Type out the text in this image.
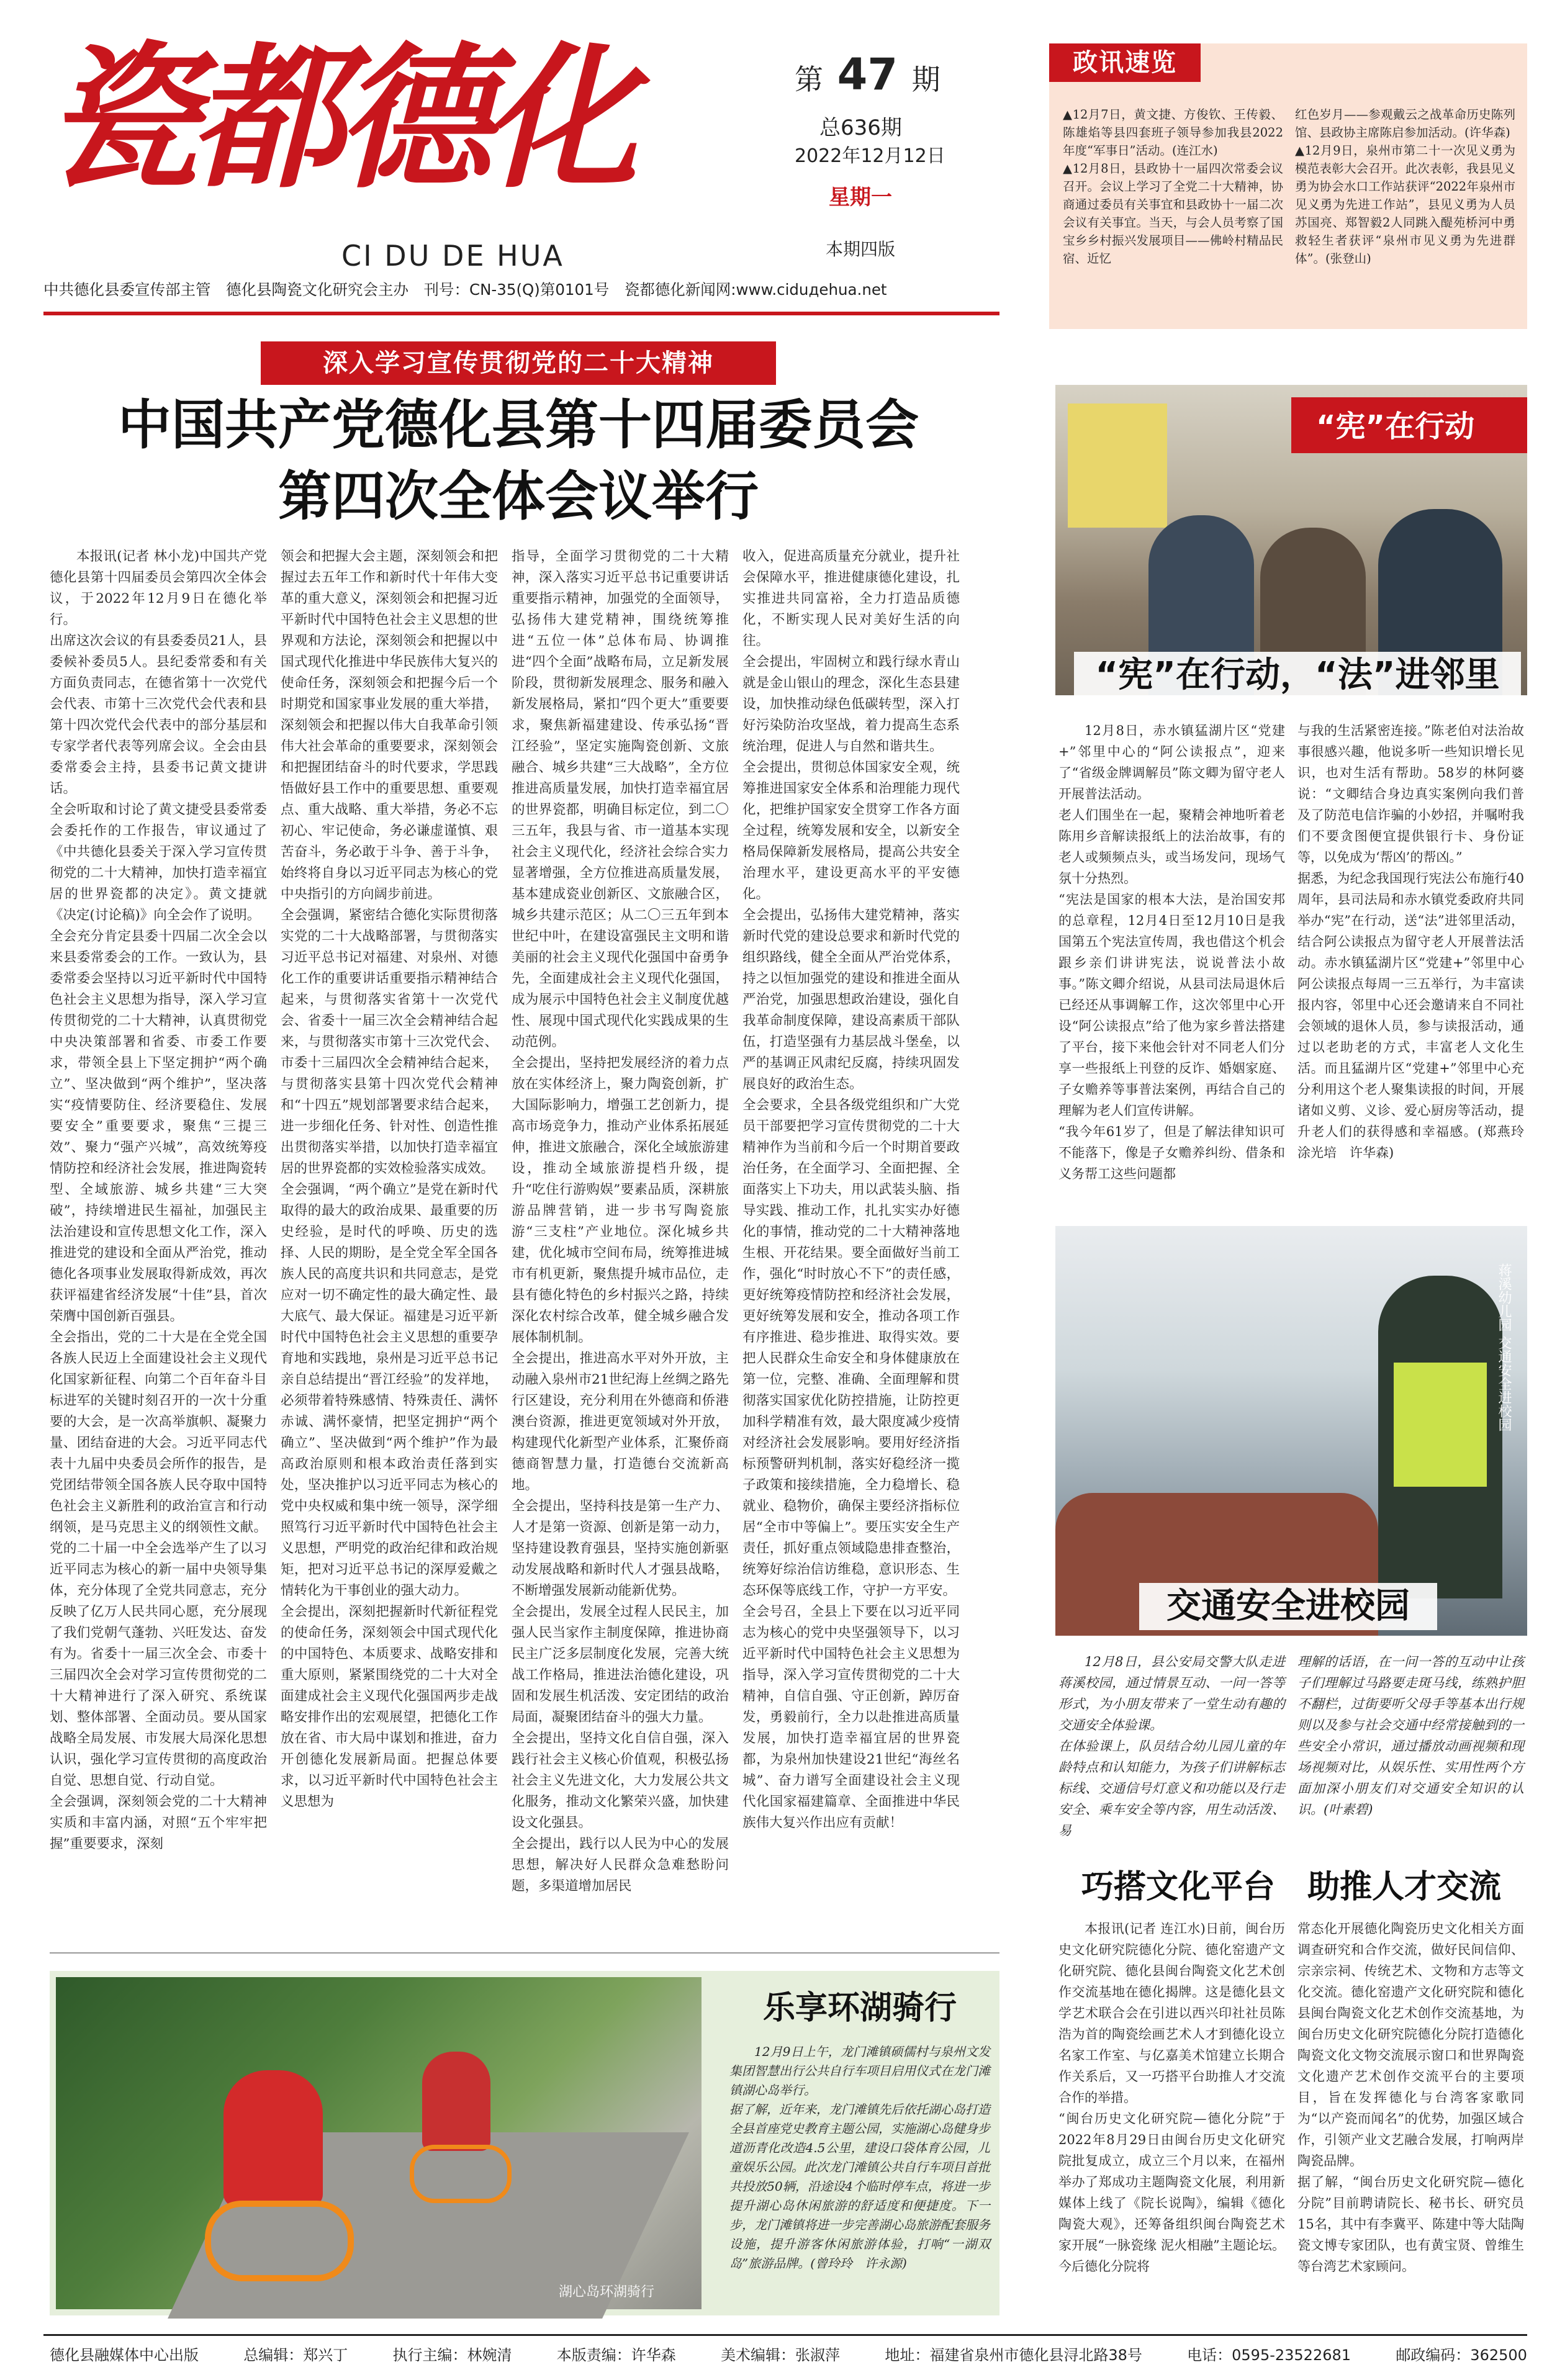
瓷都德化
CI DU DE HUA
第 47 期
总636期
2022年12月12日
星期一
本期四版
中共德化县委宣传部主管　德化县陶瓷文化研究会主办　刊号：CN-35(Q)第0101号　瓷都德化新闻网:www.ciduдehua.net
政讯速览
▲12月7日，黄文捷、方俊钦、王传毅、陈雄焰等县四套班子领导参加我县2022年度“军事日”活动。(连江水)
▲12月8日，县政协十一届四次常委会议召开。会议上学习了全党二十大精神，协商通过委员有关事宜和县政协十一届二次会议有关事宜。当天，与会人员考察了国宝乡乡村振兴发展项目——佛岭村精品民宿、近忆
红色岁月——参观戴云之战革命历史陈列馆、县政协主席陈启参加活动。(许华森)
▲12月9日，泉州市第二十一次见义勇为模范表彰大会召开。此次表彰，我县见义勇为协会水口工作站获评“2022年泉州市见义勇为先进工作站”，县见义勇为人员苏国亮、郑智毅2人同跳入醍苑桥河中勇救轻生者获评“泉州市见义勇为先进群体”。(张登山)
深入学习宣传贯彻党的二十大精神
中国共产党德化县第十四届委员会
第四次全体会议举行

本报讯(记者 林小龙)中国共产党德化县第十四届委员会第四次全体会议，于2022年12月9日在德化举行。
出席这次会议的有县委委员21人，县委候补委员5人。县纪委常委和有关方面负责同志，在德省第十一次党代会代表、市第十三次党代会代表和县第十四次党代会代表中的部分基层和专家学者代表等列席会议。全会由县委常委会主持，县委书记黄文捷讲话。
全会听取和讨论了黄文捷受县委常委会委托作的工作报告，审议通过了《中共德化县委关于深入学习宣传贯彻党的二十大精神，加快打造幸福宜居的世界瓷都的决定》。黄文捷就《决定(讨论稿)》向全会作了说明。
全会充分肯定县委十四届二次全会以来县委常委会的工作。一致认为，县委常委会坚持以习近平新时代中国特色社会主义思想为指导，深入学习宣传贯彻党的二十大精神，认真贯彻党中央决策部署和省委、市委工作要求，带领全县上下坚定拥护“两个确立”、坚决做到“两个维护”，坚决落实“疫情要防住、经济要稳住、发展要安全”重要要求，聚焦“三提三效”、聚力“强产兴城”，高效统筹疫情防控和经济社会发展，推进陶瓷转型、全域旅游、城乡共建“三大突破”，持续增进民生福祉，加强民主法治建设和宣传思想文化工作，深入推进党的建设和全面从严治党，推动德化各项事业发展取得新成效，再次获评福建省经济发展“十佳”县，首次荣膺中国创新百强县。
全会指出，党的二十大是在全党全国各族人民迈上全面建设社会主义现代化国家新征程、向第二个百年奋斗目标进军的关键时刻召开的一次十分重要的大会，是一次高举旗帜、凝聚力量、团结奋进的大会。习近平同志代表十九届中央委员会所作的报告，是党团结带领全国各族人民夺取中国特色社会主义新胜利的政治宣言和行动纲领，是马克思主义的纲领性文献。党的二十届一中全会选举产生了以习近平同志为核心的新一届中央领导集体，充分体现了全党共同意志，充分反映了亿万人民共同心愿，充分展现了我们党朝气蓬勃、兴旺发达、奋发有为。省委十一届三次全会、市委十三届四次全会对学习宣传贯彻党的二十大精神进行了深入研究、系统谋划、整体部署、全面动员。要从国家战略全局发展、市发展大局深化思想认识，强化学习宣传贯彻的高度政治自觉、思想自觉、行动自觉。
全会强调，深刻领会党的二十大精神实质和丰富内涵，对照“五个牢牢把握”重要要求，深刻

领会和把握大会主题，深刻领会和把握过去五年工作和新时代十年伟大变革的重大意义，深刻领会和把握习近平新时代中国特色社会主义思想的世界观和方法论，深刻领会和把握以中国式现代化推进中华民族伟大复兴的使命任务，深刻领会和把握今后一个时期党和国家事业发展的重大举措，深刻领会和把握以伟大自我革命引领伟大社会革命的重要要求，深刻领会和把握团结奋斗的时代要求，学思践悟做好县工作中的重要思想、重要观点、重大战略、重大举措，务必不忘初心、牢记使命，务必谦虚谨慎、艰苦奋斗，务必敢于斗争、善于斗争，始终将自身以习近平同志为核心的党中央指引的方向阔步前进。
全会强调，紧密结合德化实际贯彻落实党的二十大战略部署，与贯彻落实习近平总书记对福建、对泉州、对德化工作的重要讲话重要指示精神结合起来，与贯彻落实省第十一次党代会、省委十一届三次全会精神结合起来，与贯彻落实市第十三次党代会、市委十三届四次全会精神结合起来，与贯彻落实县第十四次党代会精神和“十四五”规划部署要求结合起来，进一步细化任务、针对性、创造性推出贯彻落实举措，以加快打造幸福宜居的世界瓷都的实效检验落实成效。
全会强调，“两个确立”是党在新时代取得的最大的政治成果、最重要的历史经验，是时代的呼唤、历史的选择、人民的期盼，是全党全军全国各族人民的高度共识和共同意志，是党应对一切不确定性的最大确定性、最大底气、最大保证。福建是习近平新时代中国特色社会主义思想的重要孕育地和实践地，泉州是习近平总书记亲自总结提出“晋江经验”的发祥地，必须带着特殊感情、特殊责任、满怀赤诚、满怀豪情，把坚定拥护“两个确立”、坚决做到“两个维护”作为最高政治原则和根本政治责任落到实处，坚决推护以习近平同志为核心的党中央权威和集中统一领导，深学细照笃行习近平新时代中国特色社会主义思想，严明党的政治纪律和政治规矩，把对习近平总书记的深厚爱戴之情转化为干事创业的强大动力。
全会提出，深刻把握新时代新征程党的使命任务，深刻领会中国式现代化的中国特色、本质要求、战略安排和重大原则，紧紧围绕党的二十大对全面建成社会主义现代化强国两步走战略安排作出的宏观展望，把德化工作放在省、市大局中谋划和推进，奋力开创德化发展新局面。把握总体要求，以习近平新时代中国特色社会主义思想为

指导，全面学习贯彻党的二十大精神，深入落实习近平总书记重要讲话重要指示精神，加强党的全面领导，弘扬伟大建党精神，围绕统筹推进“五位一体”总体布局、协调推进“四个全面”战略布局，立足新发展阶段，贯彻新发展理念、服务和融入新发展格局，紧扣“四个更大”重要要求，聚焦新福建建设、传承弘扬“晋江经验”，坚定实施陶瓷创新、文旅融合、城乡共建“三大战略”，全方位推进高质量发展，加快打造幸福宜居的世界瓷都，明确目标定位，到二〇三五年，我县与省、市一道基本实现社会主义现代化，经济社会综合实力显著增强，全方位推进高质量发展，基本建成瓷业创新区、文旅融合区，城乡共建示范区；从二〇三五年到本世纪中叶，在建设富强民主文明和谐美丽的社会主义现代化强国中奋勇争先，全面建成社会主义现代化强国，成为展示中国特色社会主义制度优越性、展现中国式现代化实践成果的生动范例。
全会提出，坚持把发展经济的着力点放在实体经济上，聚力陶瓷创新，扩大国际影响力，增强工艺创新力，提高市场竞争力，推动产业体系拓展延伸，推进文旅融合，深化全域旅游建设，推动全域旅游提档升级，提升“吃住行游购娱”要素品质，深耕旅游品牌营销，进一步书写陶瓷旅游“三支柱”产业地位。深化城乡共建，优化城市空间布局，统筹推进城市有机更新，聚焦提升城市品位，走县有德化特色的乡村振兴之路，持续深化农村综合改革，健全城乡融合发展体制机制。
全会提出，推进高水平对外开放，主动融入泉州市21世纪海上丝绸之路先行区建设，充分利用在外德商和侨港澳台资源，推进更宽领域对外开放，构建现代化新型产业体系，汇聚侨商德商智慧力量，打造德台交流新高地。
全会提出，坚持科技是第一生产力、人才是第一资源、创新是第一动力，坚持建设教育强县，坚持实施创新驱动发展战略和新时代人才强县战略，不断增强发展新动能新优势。
全会提出，发展全过程人民民主，加强人民当家作主制度保障，推进协商民主广泛多层制度化发展，完善大统战工作格局，推进法治德化建设，巩固和发展生机活泼、安定团结的政治局面，凝聚团结奋斗的强大力量。
全会提出，坚持文化自信自强，深入践行社会主义核心价值观，积极弘扬社会主义先进文化，大力发展公共文化服务，推动文化繁荣兴盛，加快建设文化强县。
全会提出，践行以人民为中心的发展思想，解决好人民群众急难愁盼问题，多渠道增加居民

收入，促进高质量充分就业，提升社会保障水平，推进健康德化建设，扎实推进共同富裕，全力打造品质德化，不断实现人民对美好生活的向往。
全会提出，牢固树立和践行绿水青山就是金山银山的理念，深化生态县建设，加快推动绿色低碳转型，深入打好污染防治攻坚战，着力提高生态系统治理，促进人与自然和谐共生。
全会提出，贯彻总体国家安全观，统筹推进国家安全体系和治理能力现代化，把维护国家安全贯穿工作各方面全过程，统筹发展和安全，以新安全格局保障新发展格局，提高公共安全治理水平，建设更高水平的平安德化。
全会提出，弘扬伟大建党精神，落实新时代党的建设总要求和新时代党的组织路线，健全全面从严治党体系，持之以恒加强党的建设和推进全面从严治党，加强思想政治建设，强化自我革命制度保障，建设高素质干部队伍，打造坚强有力基层战斗堡垒，以严的基调正风肃纪反腐，持续巩固发展良好的政治生态。
全会要求，全县各级党组织和广大党员干部要把学习宣传贯彻党的二十大精神作为当前和今后一个时期首要政治任务，在全面学习、全面把握、全面落实上下功夫，用以武装头脑、指导实践、推动工作，扎扎实实办好德化的事情，推动党的二十大精神落地生根、开花结果。要全面做好当前工作，强化“时时放心不下”的责任感，更好统筹疫情防控和经济社会发展，更好统筹发展和安全，推动各项工作有序推进、稳步推进、取得实效。要把人民群众生命安全和身体健康放在第一位，完整、准确、全面理解和贯彻落实国家优化防控措施，让防控更加科学精准有效，最大限度减少疫情对经济社会发展影响。要用好经济指标预警研判机制，落实好稳经济一揽子政策和接续措施，全力稳增长、稳就业、稳物价，确保主要经济指标位居“全市中等偏上”。要压实安全生产责任，抓好重点领域隐患排查整治，统筹好综治信访维稳，意识形态、生态环保等底线工作，守护一方平安。
全会号召，全县上下要在以习近平同志为核心的党中央坚强领导下，以习近平新时代中国特色社会主义思想为指导，深入学习宣传贯彻党的二十大精神，自信自强、守正创新，踔厉奋发，勇毅前行，全力以赴推进高质量发展，加快打造幸福宜居的世界瓷都，为泉州加快建设21世纪“海丝名城”、奋力谱写全面建设社会主义现代化国家福建篇章、全面推进中华民族伟大复兴作出应有贡献！

“宪”在行动
“宪”在行动，“法”进邻里

12月8日，赤水镇猛湖片区“党建+”邻里中心的“阿公读报点”，迎来了“省级金牌调解员”陈文卿为留守老人开展普法活动。
老人们围坐在一起，聚精会神地听着老陈用乡音解读报纸上的法治故事，有的老人或频频点头，或当场发问，现场气氛十分热烈。
“宪法是国家的根本大法，是治国安邦的总章程，12月4日至12月10日是我国第五个宪法宣传周，我也借这个机会跟乡亲们讲讲宪法，说说普法小故事。”陈文卿介绍说，从县司法局退休后已经还从事调解工作，这次邻里中心开设“阿公读报点”给了他为家乡普法搭建了平台，接下来他会针对不同老人们分享一些报纸上刊登的反诈、婚姻家庭、子女赡养等事普法案例，再结合自己的理解为老人们宣传讲解。
“我今年61岁了，但是了解法律知识可不能落下，像是子女赡养纠纷、借条和义务帮工这些问题都

与我的生活紧密连接。”陈老伯对法治故事很感兴趣，他说多听一些知识增长见识，也对生活有帮助。58岁的林阿婆说：“文卿结合身边真实案例向我们普及了防范电信诈骗的小妙招，并嘱咐我们不要贪图便宜提供银行卡、身份证等，以免成为‘帮凶’的帮凶。”
据悉，为纪念我国现行宪法公布施行40周年，县司法局和赤水镇党委政府共同举办“宪”在行动，送“法”进邻里活动，结合阿公读报点为留守老人开展普法活动。赤水镇猛湖片区“党建+”邻里中心阿公读报点每周一三五举行，为丰富读报内容，邻里中心还会邀请来自不同社会领域的退休人员，参与读报活动，通过以老助老的方式，丰富老人文化生活。而且猛湖片区“党建+”邻里中心充分利用这个老人聚集读报的时间，开展诸如义剪、义诊、爱心厨房等活动，提升老人们的获得感和幸福感。(郑燕玲　涂光培　许华森)

蒋溪幼儿园 交通安全进校园
交通安全进校园

12月8日，县公安局交警大队走进蒋溪校园，通过情景互动、一问一答等形式，为小朋友带来了一堂生动有趣的交通安全体验课。
在体验课上，队员结合幼儿园儿童的年龄特点和认知能力，为孩子们讲解标志标线、交通信号灯意义和功能以及行走安全、乘车安全等内容，用生动活泼、易

理解的话语，在一问一答的互动中让孩子们理解过马路要走斑马线，练熟护胆不翻栏，过街要听父母手等基本出行规则以及参与社会交通中经常接触到的一些安全小常识，通过播放动画视频和现场视频对比，从娱乐性、实用性两个方面加深小朋友们对交通安全知识的认识。(叶素碧)

巧搭文化平台　助推人才交流

本报讯(记者 连江水)日前，闽台历史文化研究院德化分院、德化窑遗产文化研究院、德化县闽台陶瓷文化艺术创作交流基地在德化揭牌。这是德化县文学艺术联合会在引进以西兴印社社员陈浩为首的陶瓷绘画艺术人才到德化设立名家工作室、与亿嘉美术馆建立长期合作关系后，又一巧搭平台助推人才交流合作的举措。
“闽台历史文化研究院—德化分院”于2022年8月29日由闽台历史文化研究院批复成立，成立三个月以来，在福州举办了郑成功主题陶瓷文化展，利用新媒体上线了《院长说陶》，编辑《德化陶瓷大观》，还筹备组织闽台陶瓷艺术家开展“一脉瓷缘 泥火相融”主题论坛。今后德化分院将

常态化开展德化陶瓷历史文化相关方面调查研究和合作交流，做好民间信仰、宗亲宗祠、传统艺术、文物和方志等文化交流。德化窑遗产文化研究院和德化县闽台陶瓷文化艺术创作交流基地，为闽台历史文化研究院德化分院打造德化陶瓷文化文物交流展示窗口和世界陶瓷文化遗产艺术创作交流平台的主要项目，旨在发挥德化与台湾客家歌同为“以产瓷而闻名”的优势，加强区域合作，引领产业文艺融合发展，打响两岸陶瓷品牌。
据了解，“闽台历史文化研究院—德化分院”目前聘请院长、秘书长、研究员15名，其中有李冀平、陈建中等大陆陶瓷文博专家团队，也有黄宝贤、曾维生等台湾艺术家顾问。

湖心岛环湖骑行
乐享环湖骑行

12月9日上午，龙门滩镇硕儒村与泉州文发集团智慧出行公共自行车项目启用仪式在龙门滩镇湖心岛举行。
据了解，近年来，龙门滩镇先后依托湖心岛打造全县首座党史教育主题公园，实施湖心岛健身步道沥青化改造4.5公里，建设口袋体育公园，儿童娱乐公园。此次龙门滩镇公共自行车项目首批共投放50辆，沿途设4个临时停车点，将进一步提升湖心岛休闲旅游的舒适度和便捷度。下一步，龙门滩镇将进一步完善湖心岛旅游配套服务设施，提升游客休闲旅游体验，打响“一湖双岛”旅游品牌。(曾玲玲　许永源)

德化县融媒体中心出版	总编辑：郑兴丁	执行主编：林婉清	本版责编：许华森	美术编辑：张淑萍	地址：福建省泉州市德化县浔北路38号	电话：0595-23522681	邮政编码：362500
